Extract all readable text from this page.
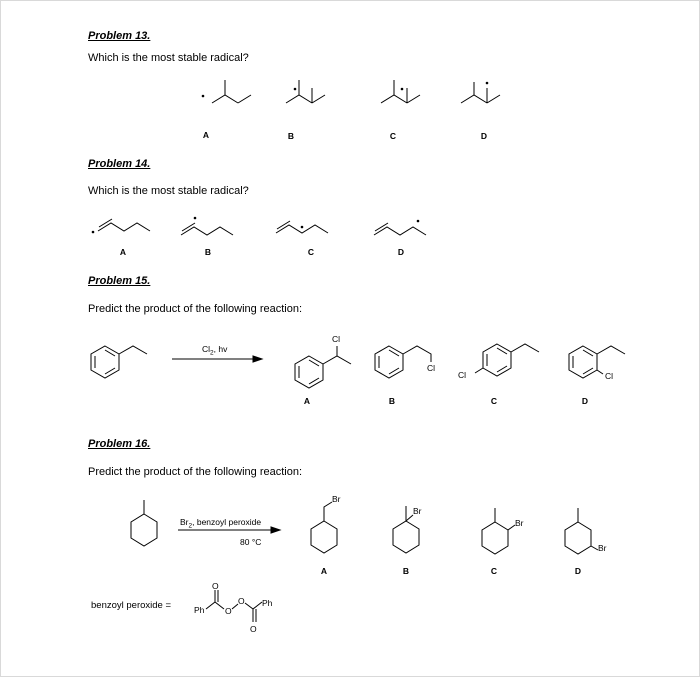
Problem 13.
Which is the most stable radical?
A	B	C	D
Problem 14.
Which is the most stable radical?
A	B	C	D
Problem 15.
Predict the product of the following reaction:
$Cl_2$, hv
Cl
Cl
Cl	Cl
A	B	C	D
Problem 16.
Predict the product of the following reaction:
$Br_2$, benzoyl peroxide
80 °C
Br
Br
Br
Br
Ph
O
O
O
O
Ph
A	B	C	D
benzoyl peroxide =
